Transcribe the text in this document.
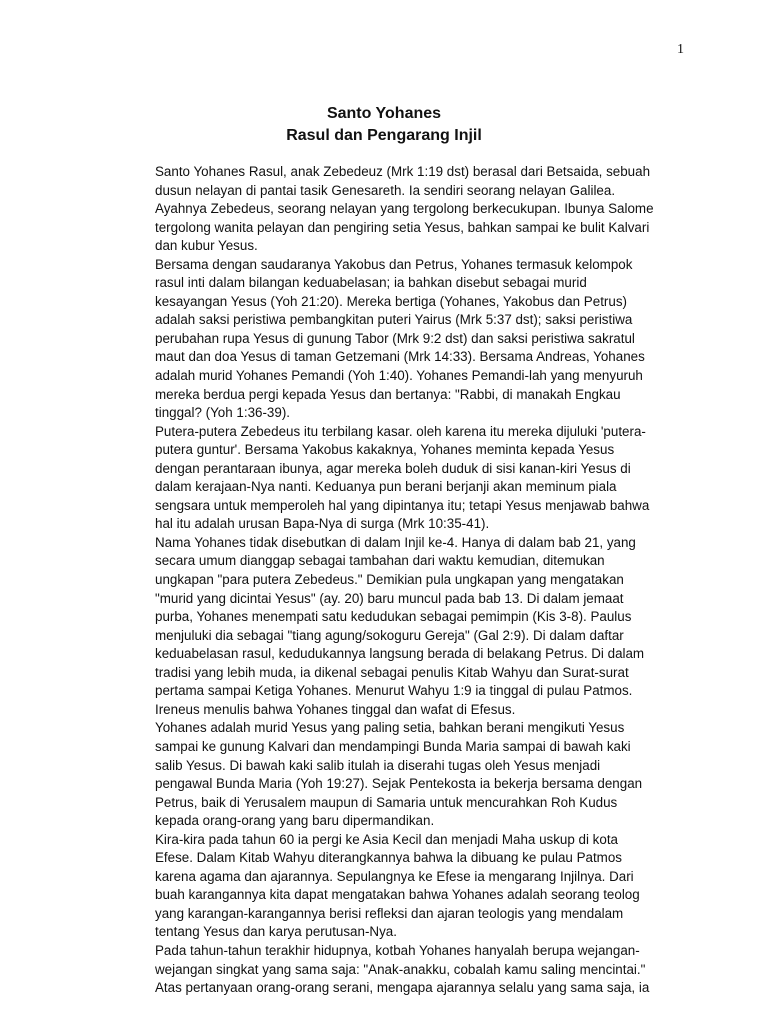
1
Santo Yohanes
Rasul dan Pengarang Injil
Santo Yohanes Rasul, anak Zebedeuz (Mrk 1:19 dst) berasal dari Betsaida, sebuah
dusun nelayan di pantai tasik Genesareth. Ia sendiri seorang nelayan Galilea.
Ayahnya Zebedeus, seorang nelayan yang tergolong berkecukupan. Ibunya Salome
tergolong wanita pelayan dan pengiring setia Yesus, bahkan sampai ke bulit Kalvari
dan kubur Yesus.
Bersama dengan saudaranya Yakobus dan Petrus, Yohanes termasuk kelompok
rasul inti dalam bilangan keduabelasan; ia bahkan disebut sebagai murid
kesayangan Yesus (Yoh 21:20). Mereka bertiga (Yohanes, Yakobus dan Petrus)
adalah saksi peristiwa pembangkitan puteri Yairus (Mrk 5:37 dst); saksi peristiwa
perubahan rupa Yesus di gunung Tabor (Mrk 9:2 dst) dan saksi peristiwa sakratul
maut dan doa Yesus di taman Getzemani (Mrk 14:33). Bersama Andreas, Yohanes
adalah murid Yohanes Pemandi (Yoh 1:40). Yohanes Pemandi-lah yang menyuruh
mereka berdua pergi kepada Yesus dan bertanya: "Rabbi, di manakah Engkau
tinggal? (Yoh 1:36-39).
Putera-putera Zebedeus itu terbilang kasar. oleh karena itu mereka dijuluki 'putera-
putera guntur'. Bersama Yakobus kakaknya, Yohanes meminta kepada Yesus
dengan perantaraan ibunya, agar mereka boleh duduk di sisi kanan-kiri Yesus di
dalam kerajaan-Nya nanti. Keduanya pun berani berjanji akan meminum piala
sengsara untuk memperoleh hal yang dipintanya itu; tetapi Yesus menjawab bahwa
hal itu adalah urusan Bapa-Nya di surga (Mrk 10:35-41).
Nama Yohanes tidak disebutkan di dalam Injil ke-4. Hanya di dalam bab 21, yang
secara umum dianggap sebagai tambahan dari waktu kemudian, ditemukan
ungkapan "para putera Zebedeus." Demikian pula ungkapan yang mengatakan
"murid yang dicintai Yesus" (ay. 20) baru muncul pada bab 13. Di dalam jemaat
purba, Yohanes menempati satu kedudukan sebagai pemimpin (Kis 3-8). Paulus
menjuluki dia sebagai "tiang agung/sokoguru Gereja" (Gal 2:9). Di dalam daftar
keduabelasan rasul, kedudukannya langsung berada di belakang Petrus. Di dalam
tradisi yang lebih muda, ia dikenal sebagai penulis Kitab Wahyu dan Surat-surat
pertama sampai Ketiga Yohanes. Menurut Wahyu 1:9 ia tinggal di pulau Patmos.
Ireneus menulis bahwa Yohanes tinggal dan wafat di Efesus.
Yohanes adalah murid Yesus yang paling setia, bahkan berani mengikuti Yesus
sampai ke gunung Kalvari dan mendampingi Bunda Maria sampai di bawah kaki
salib Yesus. Di bawah kaki salib itulah ia diserahi tugas oleh Yesus menjadi
pengawal Bunda Maria (Yoh 19:27). Sejak Pentekosta ia bekerja bersama dengan
Petrus, baik di Yerusalem maupun di Samaria untuk mencurahkan Roh Kudus
kepada orang-orang yang baru dipermandikan.
Kira-kira pada tahun 60 ia pergi ke Asia Kecil dan menjadi Maha uskup di kota
Efese. Dalam Kitab Wahyu diterangkannya bahwa la dibuang ke pulau Patmos
karena agama dan ajarannya. Sepulangnya ke Efese ia mengarang Injilnya. Dari
buah karangannya kita dapat mengatakan bahwa Yohanes adalah seorang teolog
yang karangan-karangannya berisi refleksi dan ajaran teologis yang mendalam
tentang Yesus dan karya perutusan-Nya.
Pada tahun-tahun terakhir hidupnya, kotbah Yohanes hanyalah berupa wejangan-
wejangan singkat yang sama saja: "Anak-anakku, cobalah kamu saling mencintai."
Atas pertanyaan orang-orang serani, mengapa ajarannya selalu yang sama saja, ia
